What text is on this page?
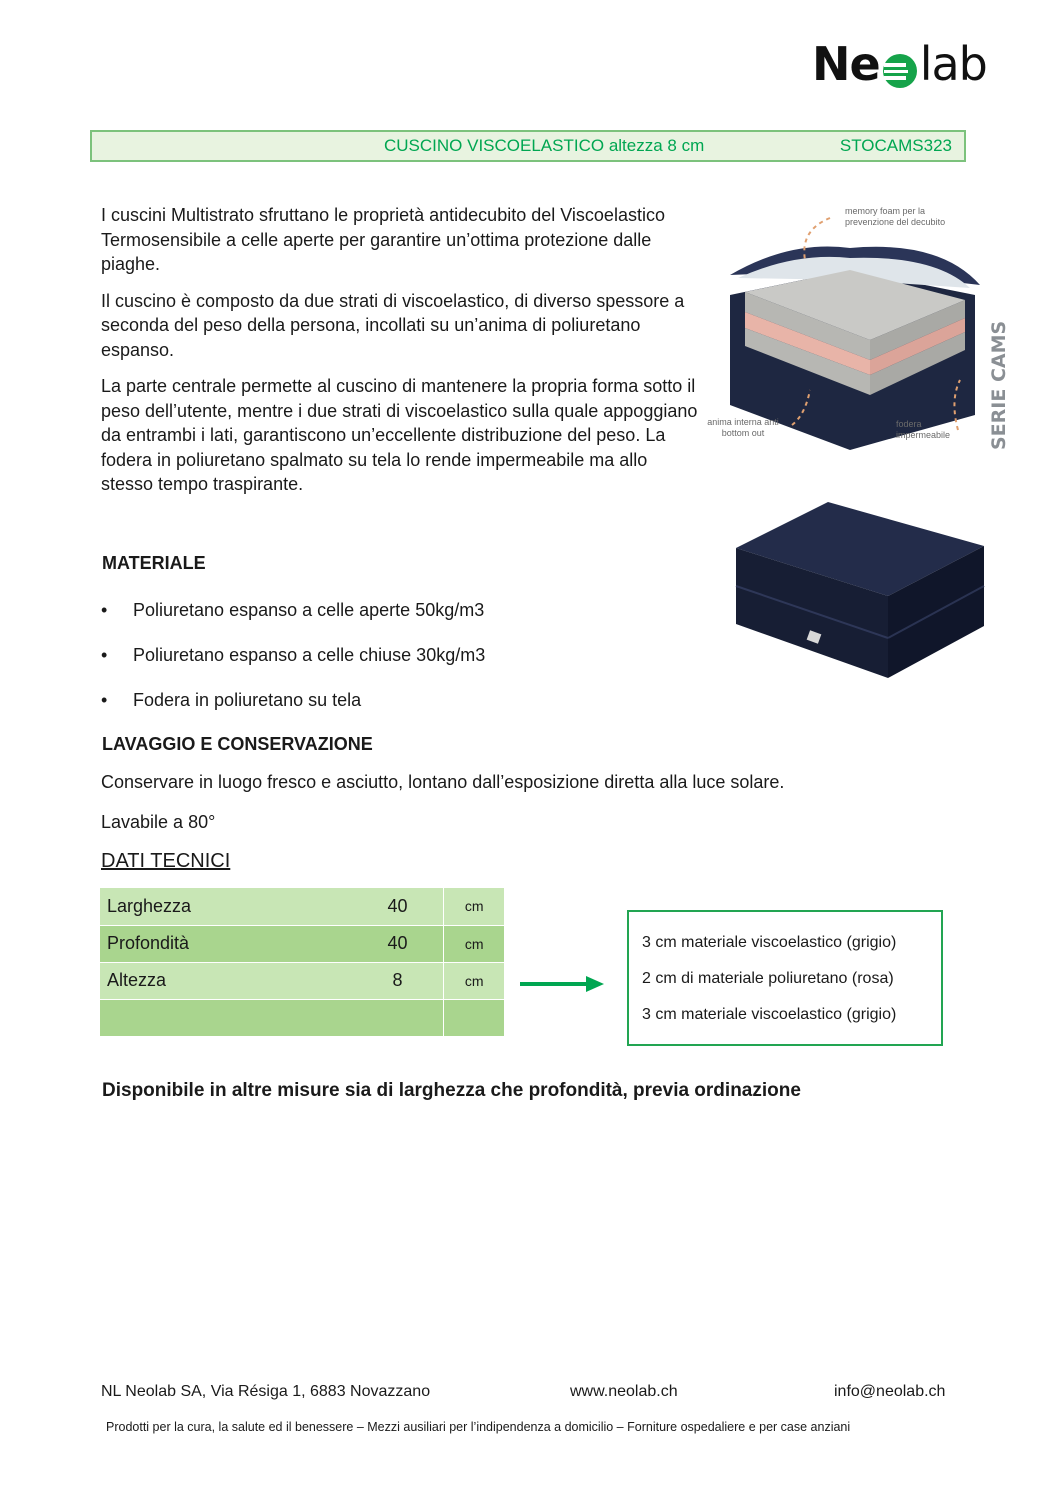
Ne lab
CUSCINO VISCOELASTICO altezza 8 cm	STOCAMS323

I cuscini Multistrato sfruttano le proprietà antidecubito del Viscoelastico Termosensibile a celle aperte per garantire un’ottima protezione dalle piaghe.

Il cuscino è composto da due strati di viscoelastico, di diverso spessore a seconda del peso della persona, incollati su un’anima di poliuretano espanso.

La parte centrale permette al cuscino di mantenere la propria forma sotto il peso dell’utente, mentre i due strati di viscoelastico sulla quale appoggiano da entrambi i lati, garantiscono un’eccellente distribuzione del peso. La fodera in poliuretano spalmato su tela lo rende impermeabile ma allo stesso tempo traspirante.

SERIE CAMS
memory foam per la prevenzione del decubito
anima interna anti bottom out
fodera impermeabile
MATERIALE
• Poliuretano espanso a celle aperte 50kg/m3
• Poliuretano espanso a celle chiuse 30kg/m3
• Fodera in poliuretano su tela
LAVAGGIO E CONSERVAZIONE
Conservare in luogo fresco e asciutto, lontano dall’esposizione diretta alla luce solare.
Lavabile a 80°
DATI TECNICI
Larghezza	40	cm
Profondità	40	cm
Altezza	8	cm

3 cm materiale viscoelastico (grigio)
2 cm di materiale poliuretano (rosa)
3 cm materiale viscoelastico (grigio)
Disponibile in altre misure sia di larghezza che profondità, previa ordinazione
NL Neolab SA, Via Résiga 1, 6883 Novazzano	www.neolab.ch	info@neolab.ch
Prodotti per la cura, la salute ed il benessere – Mezzi ausiliari per l’indipendenza a domicilio – Forniture ospedaliere e per case anziani
